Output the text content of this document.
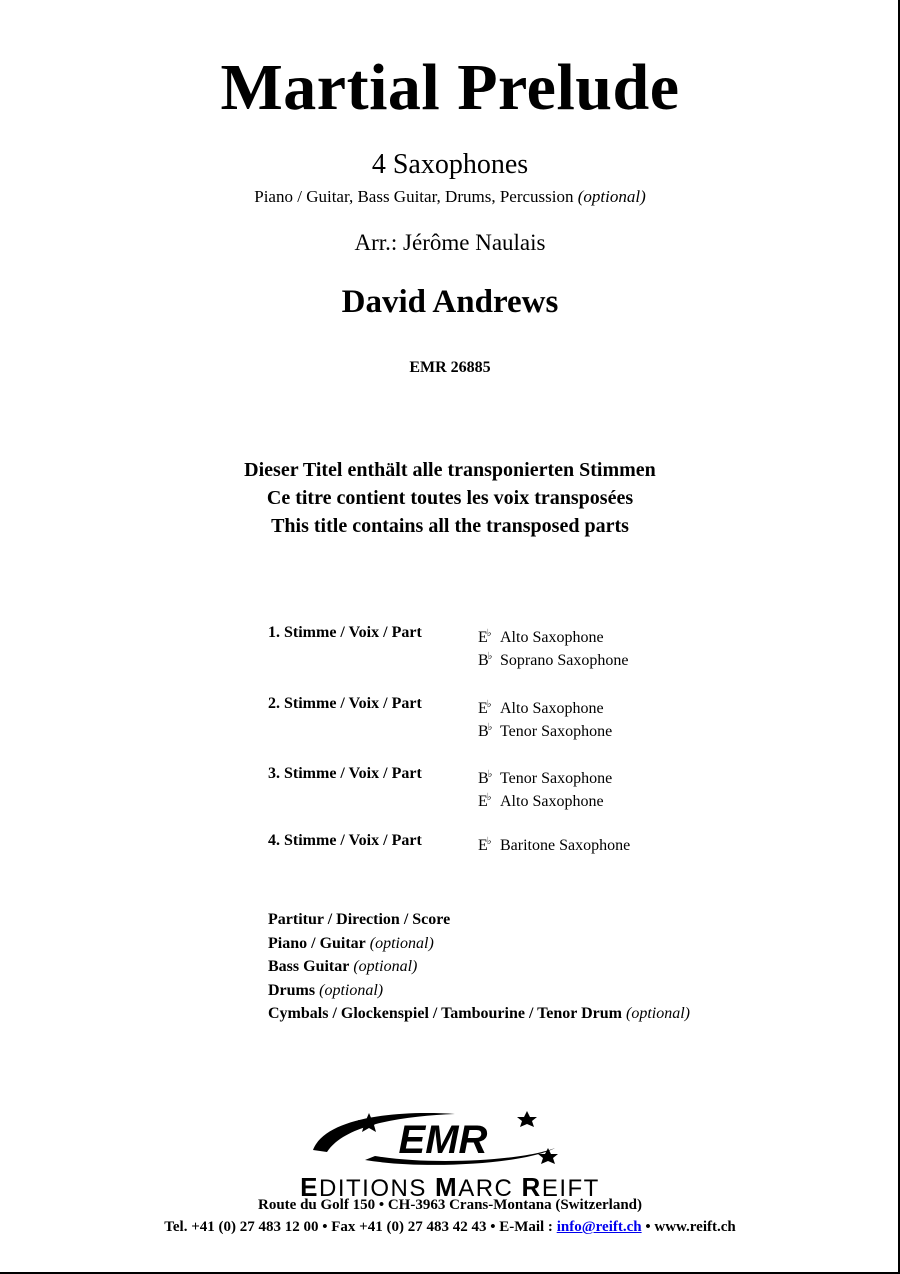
Martial Prelude
4 Saxophones
Piano / Guitar, Bass Guitar, Drums, Percussion (optional)
Arr.: Jérôme Naulais
David Andrews
EMR 26885
Dieser Titel enthält alle transponierten Stimmen
Ce titre contient toutes les voix transposées
This title contains all the transposed parts
1. Stimme / Voix / Part	E♭ Alto Saxophone
B♭ Soprano Saxophone
2. Stimme / Voix / Part	E♭ Alto Saxophone
B♭ Tenor Saxophone
3. Stimme / Voix / Part	B♭ Tenor Saxophone
E♭ Alto Saxophone
4. Stimme / Voix / Part	E♭ Baritone Saxophone
Partitur / Direction / Score
Piano / Guitar (optional)
Bass Guitar (optional)
Drums (optional)
Cymbals / Glockenspiel / Tambourine / Tenor Drum (optional)
EMR
EDITIONS MARC REIFT
Route du Golf 150 • CH-3963 Crans-Montana (Switzerland)
Tel. +41 (0) 27 483 12 00 • Fax +41 (0) 27 483 42 43 • E-Mail : info@reift.ch • www.reift.ch
